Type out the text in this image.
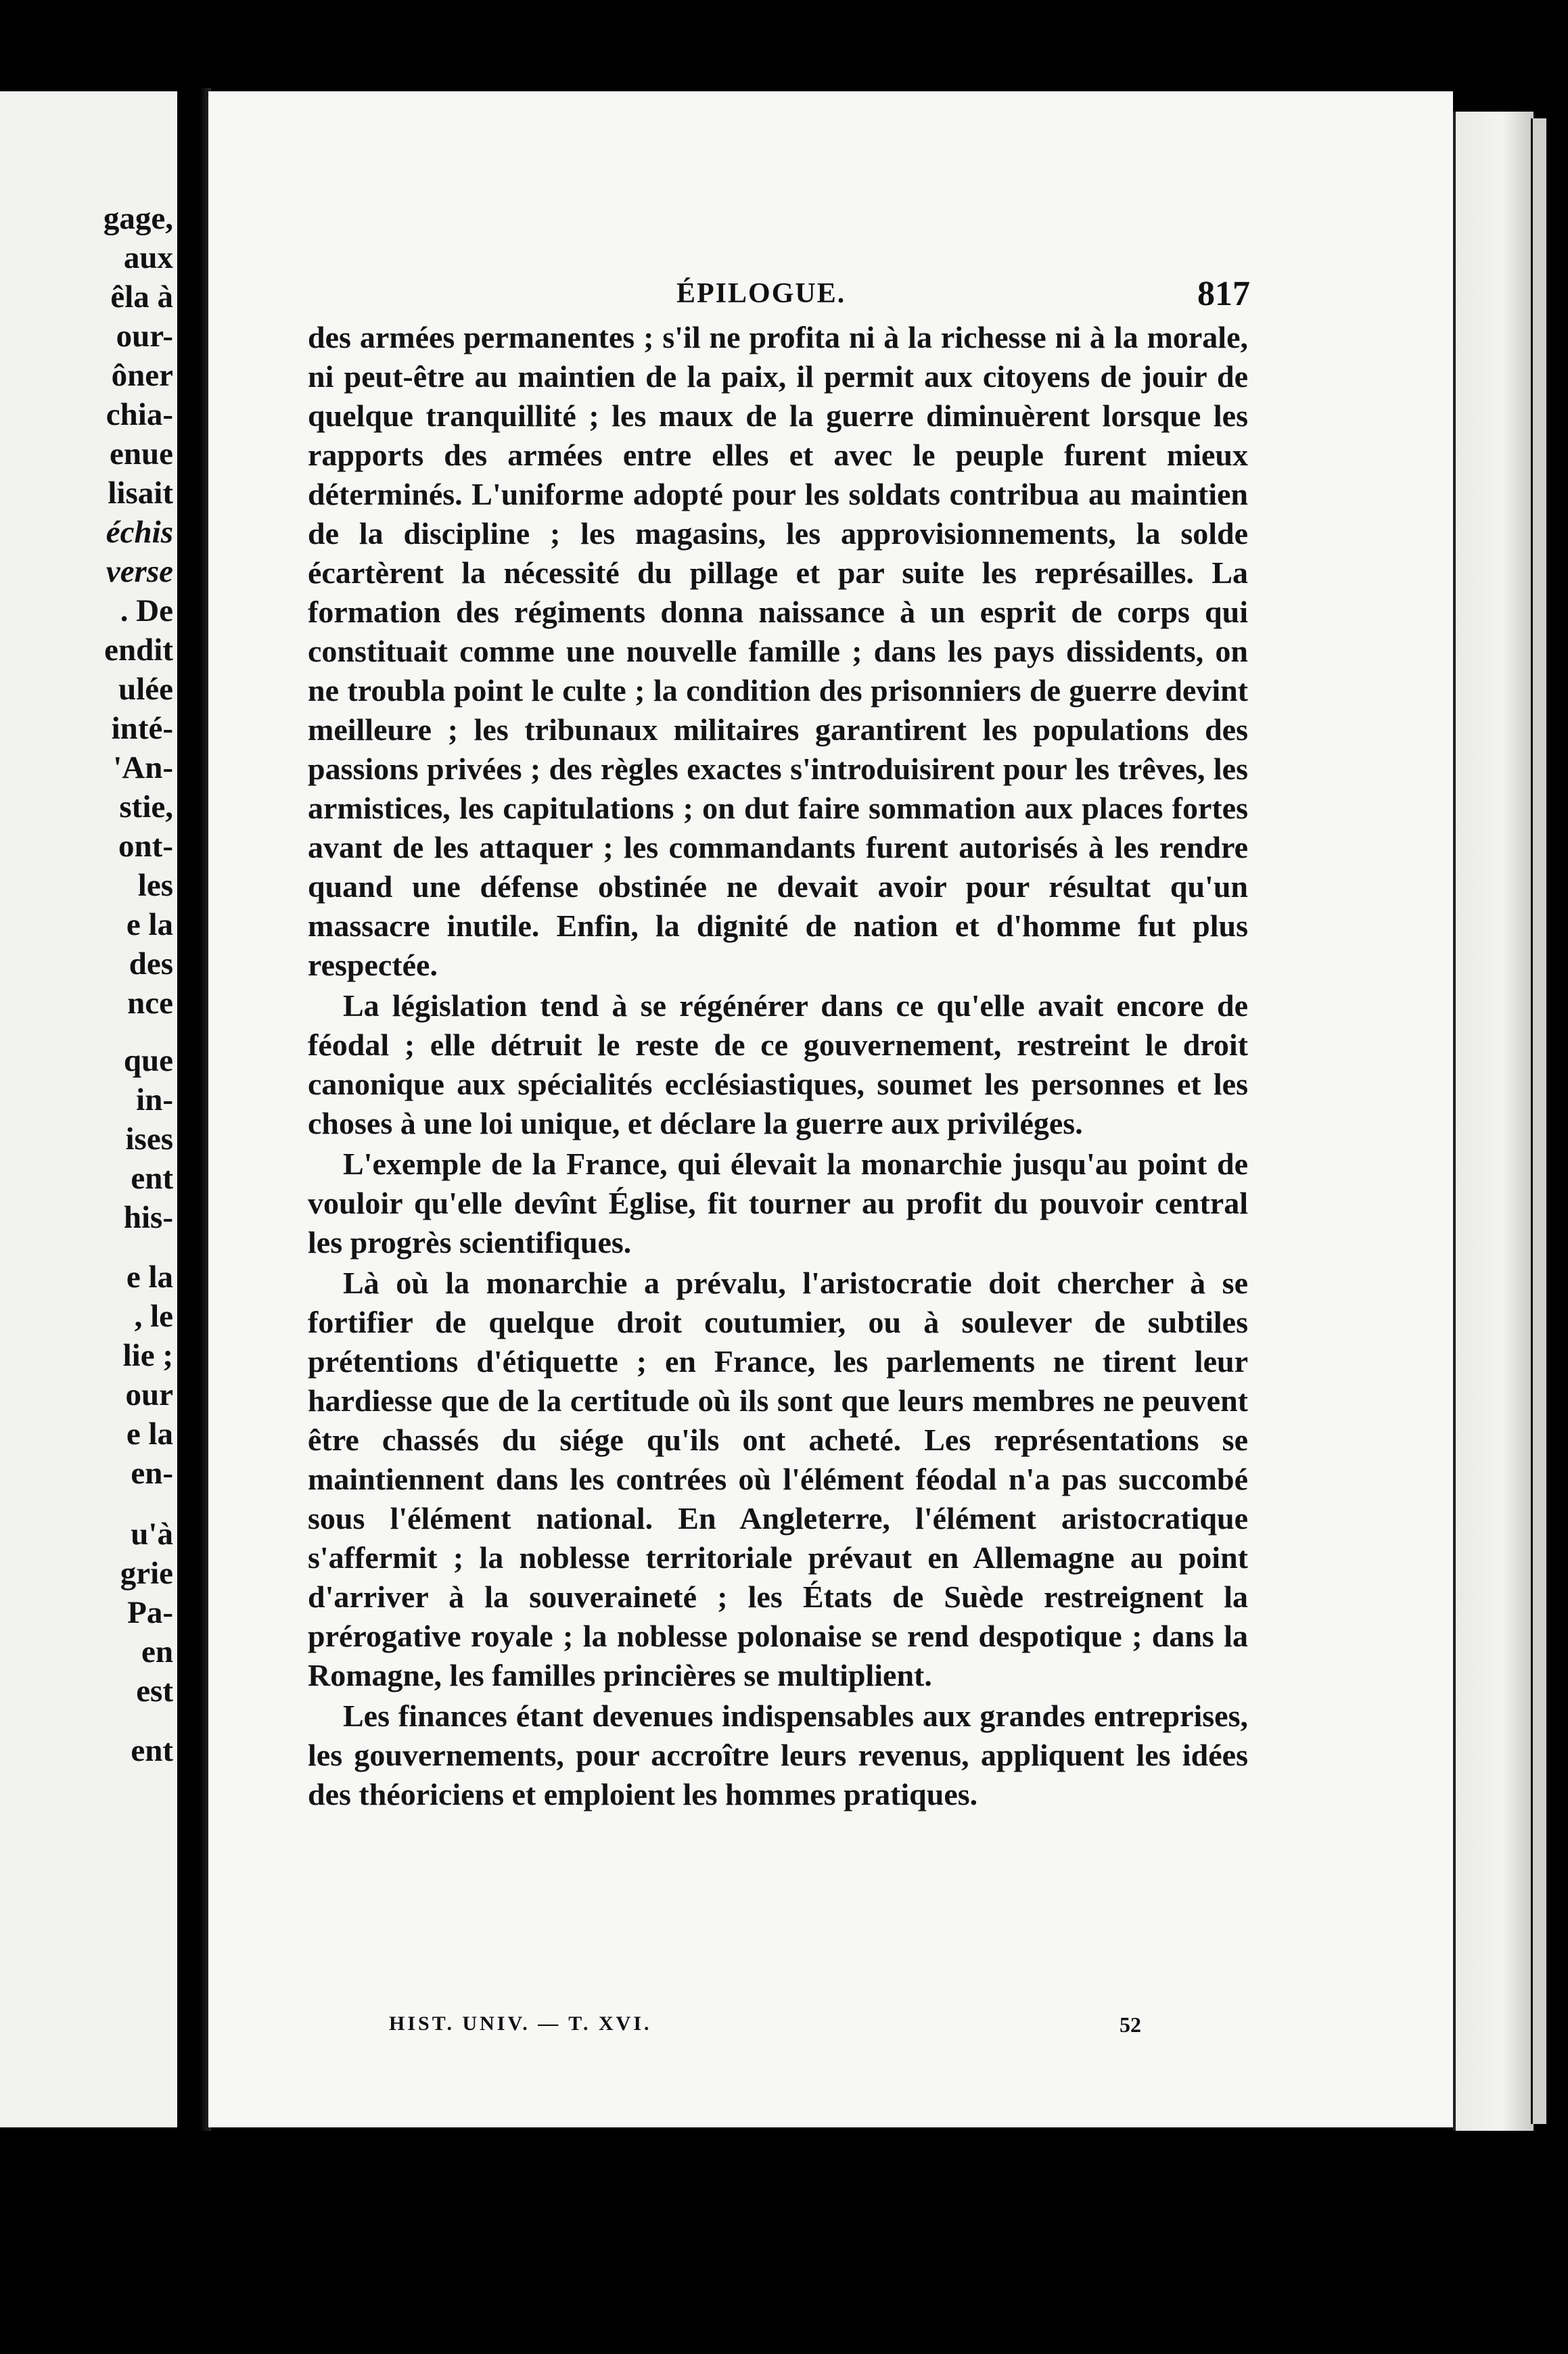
gage,

aux

êla à

our-

ôner

chia-

enue

lisait

échis

verse

. De

endit

ulée

inté-

'An-

stie,

ont-

les

e la

des

nce

que

in-

ises

ent

his-

e la

, le

lie ;

our

e la

en-

u'à

grie

Pa-

en

est

ent

ÉPILOGUE.	817

des armées permanentes ; s'il ne profita ni à la richesse ni à la morale, ni peut-être au maintien de la paix, il permit aux citoyens de jouir de quelque tranquillité ; les maux de la guerre diminuèrent lorsque les rapports des armées entre elles et avec le peuple furent mieux déterminés. L'uniforme adopté pour les soldats contribua au maintien de la discipline ; les magasins, les approvisionnements, la solde écartèrent la nécessité du pillage et par suite les représailles. La formation des régiments donna naissance à un esprit de corps qui constituait comme une nouvelle famille ; dans les pays dissidents, on ne troubla point le culte ; la condition des prisonniers de guerre devint meilleure ; les tribunaux militaires garantirent les populations des passions privées ; des règles exactes s'introduisirent pour les trêves, les armistices, les capitulations ; on dut faire sommation aux places fortes avant de les attaquer ; les commandants furent autorisés à les rendre quand une défense obstinée ne devait avoir pour résultat qu'un massacre inutile. Enfin, la dignité de nation et d'homme fut plus respectée.

La législation tend à se régénérer dans ce qu'elle avait encore de féodal ; elle détruit le reste de ce gouvernement, restreint le droit canonique aux spécialités ecclésiastiques, soumet les personnes et les choses à une loi unique, et déclare la guerre aux priviléges.

L'exemple de la France, qui élevait la monarchie jusqu'au point de vouloir qu'elle devînt Église, fit tourner au profit du pouvoir central les progrès scientifiques.

Là où la monarchie a prévalu, l'aristocratie doit chercher à se fortifier de quelque droit coutumier, ou à soulever de subtiles prétentions d'étiquette ; en France, les parlements ne tirent leur hardiesse que de la certitude où ils sont que leurs membres ne peuvent être chassés du siége qu'ils ont acheté. Les représentations se maintiennent dans les contrées où l'élément féodal n'a pas succombé sous l'élément national. En Angleterre, l'élément aristocratique s'affermit ; la noblesse territoriale prévaut en Allemagne au point d'arriver à la souveraineté ; les États de Suède restreignent la prérogative royale ; la noblesse polonaise se rend despotique ; dans la Romagne, les familles princières se multiplient.

Les finances étant devenues indispensables aux grandes entreprises, les gouvernements, pour accroître leurs revenus, appliquent les idées des théoriciens et emploient les hommes pratiques.

HIST. UNIV. — T. XVI.	52
